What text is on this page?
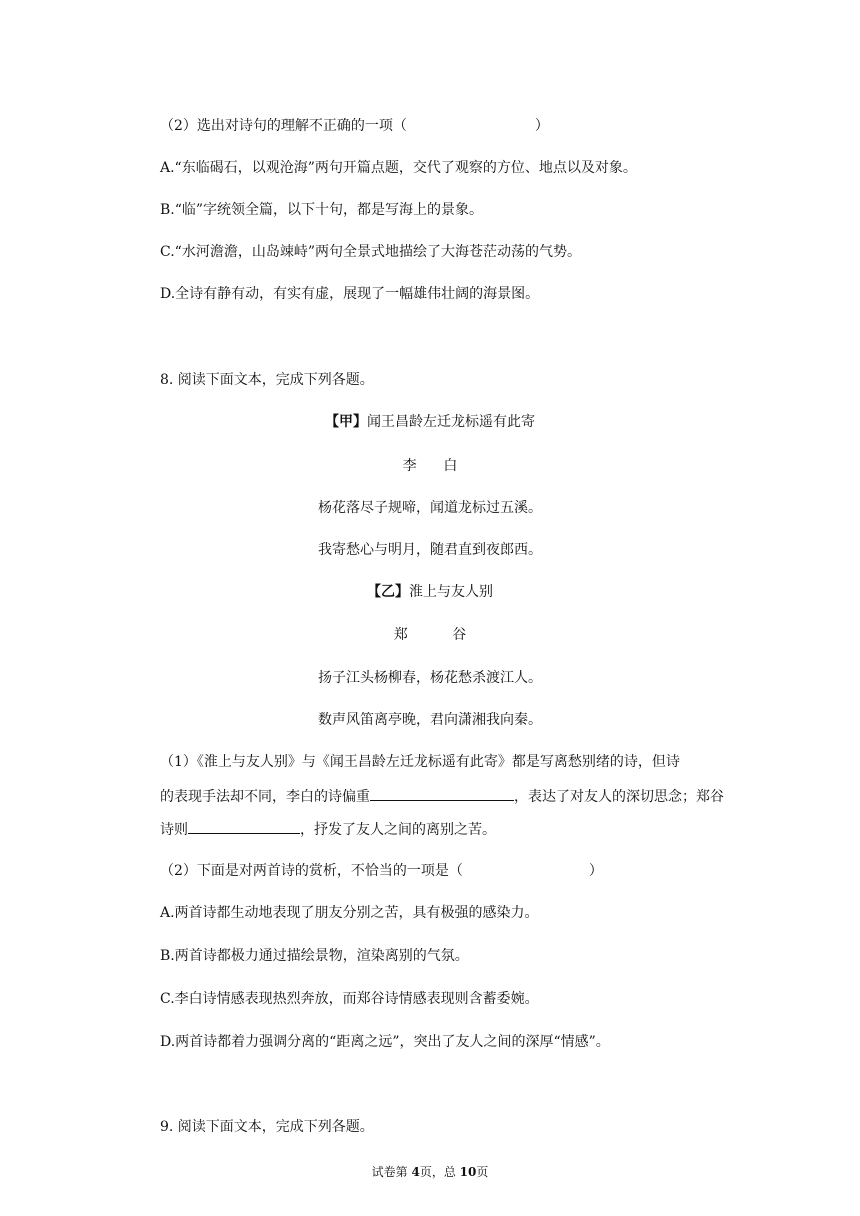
（2）选出对诗句的理解不正确的一项（	）
A.“东临碣石，以观沧海”两句开篇点题，交代了观察的方位、地点以及对象。
B.“临”字统领全篇，以下十句，都是写海上的景象。
C.“水河澹澹，山岛竦峙”两句全景式地描绘了大海苍茫动荡的气势。
D.全诗有静有动，有实有虚，展现了一幅雄伟壮阔的海景图。
8. 阅读下面文本，完成下列各题。
【甲】闻王昌龄左迁龙标遥有此寄
李      白
杨花落尽子规啼，闻道龙标过五溪。
我寄愁心与明月，随君直到夜郎西。
【乙】淮上与友人别
郑          谷
扬子江头杨柳春，杨花愁杀渡江人。
数声风笛离亭晚，君向潇湘我向秦。
（1）《淮上与友人别》与《闻王昌龄左迁龙标遥有此寄》都是写离愁别绪的诗，但诗
的表现手法却不同，李白的诗偏重	，表达了对友人的深切思念；郑谷
诗则	，抒发了友人之间的离别之苦。
（2）下面是对两首诗的赏析，不恰当的一项是（	）
A.两首诗都生动地表现了朋友分别之苦，具有极强的感染力。
B.两首诗都极力通过描绘景物，渲染离别的气氛。
C.李白诗情感表现热烈奔放，而郑谷诗情感表现则含蓄委婉。
D.两首诗都着力强调分离的“距离之远”，突出了友人之间的深厚“情感”。
9. 阅读下面文本，完成下列各题。
试卷第 4页，总 10页
